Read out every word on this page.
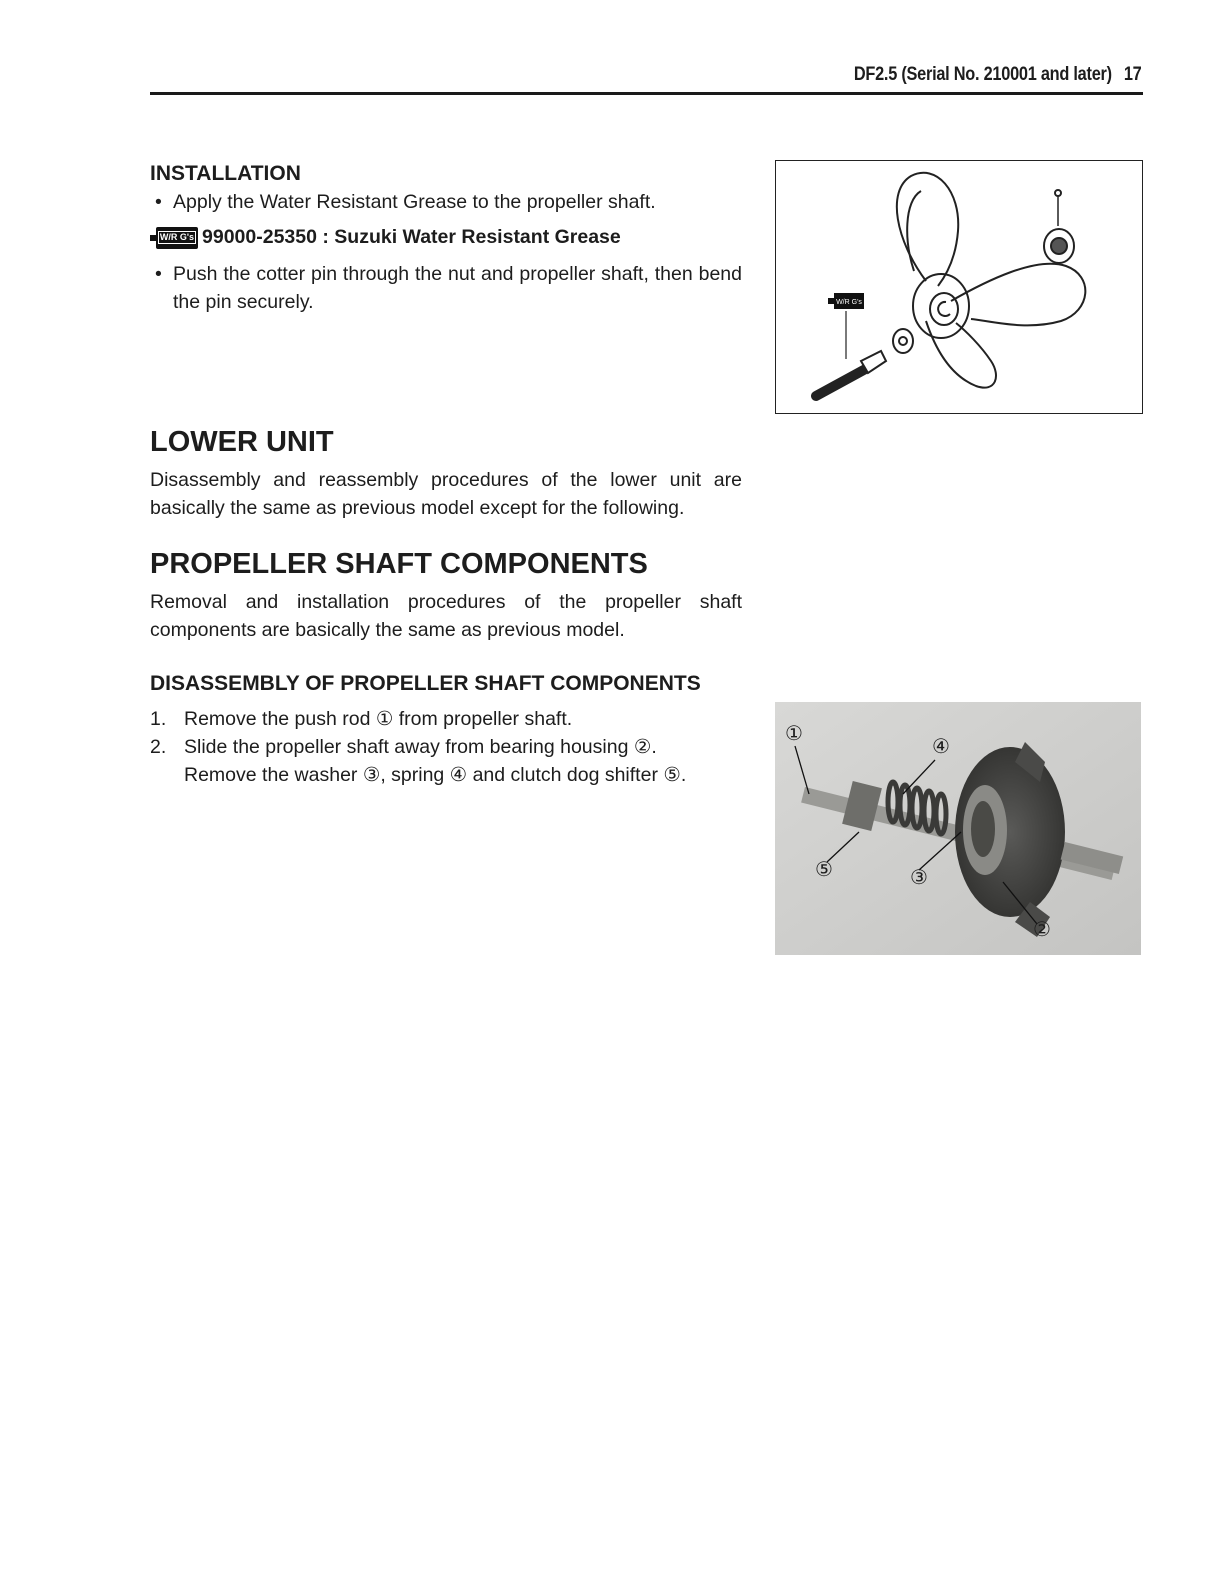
DF2.5 (Serial No. 210001 and later) 17
INSTALLATION
• Apply the Water Resistant Grease to the propeller shaft.
W/R G's 99000-25350 : Suzuki Water Resistant Grease
• Push the cotter pin through the nut and propeller shaft, then bend the pin securely.
LOWER UNIT

Disassembly and reassembly procedures of the lower unit are basically the same as previous model except for the following.

PROPELLER SHAFT COMPONENTS

Removal and installation procedures of the propeller shaft components are basically the same as previous model.

DISASSEMBLY OF PROPELLER SHAFT COMPONENTS
1. Remove the push rod ① from propeller shaft.
2. Slide the propeller shaft away from bearing housing ②.
Remove the washer ③, spring ④ and clutch dog shifter ⑤.
W/R G's
①
④
⑤	③
②
